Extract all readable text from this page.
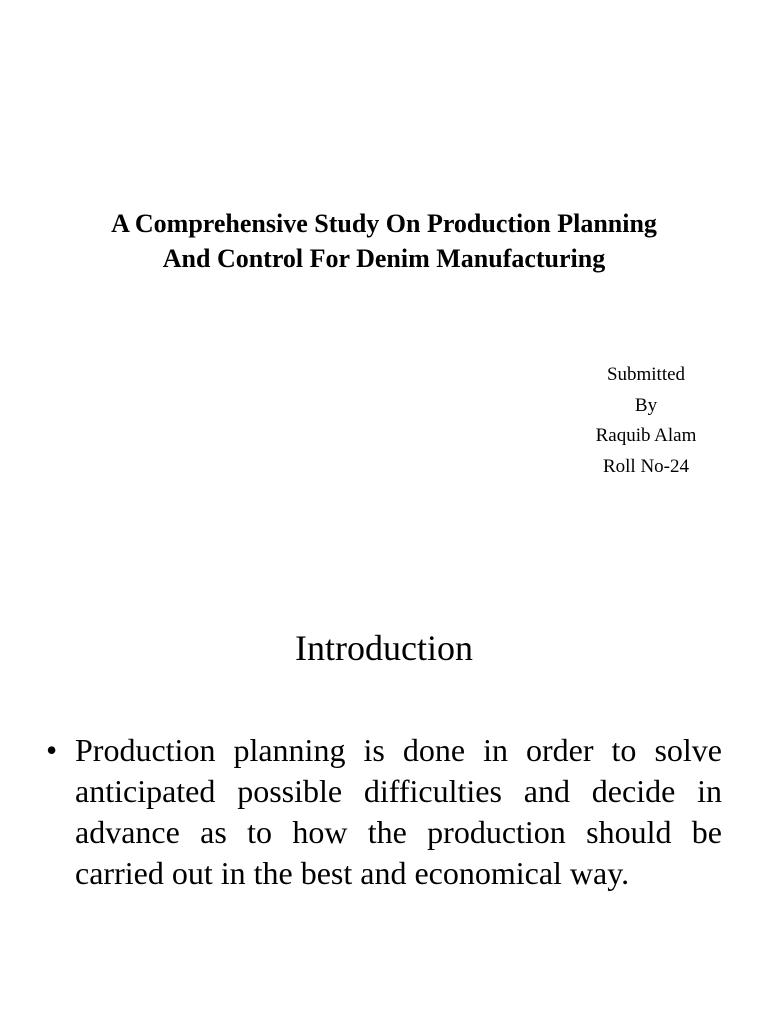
A Comprehensive Study On Production Planning
And Control For Denim Manufacturing
Submitted
By
Raquib Alam
Roll No-24
Introduction
• Production planning is done in order to solve anticipated possible difficulties and decide in advance as to how the production should be carried out in the best and economical way.
